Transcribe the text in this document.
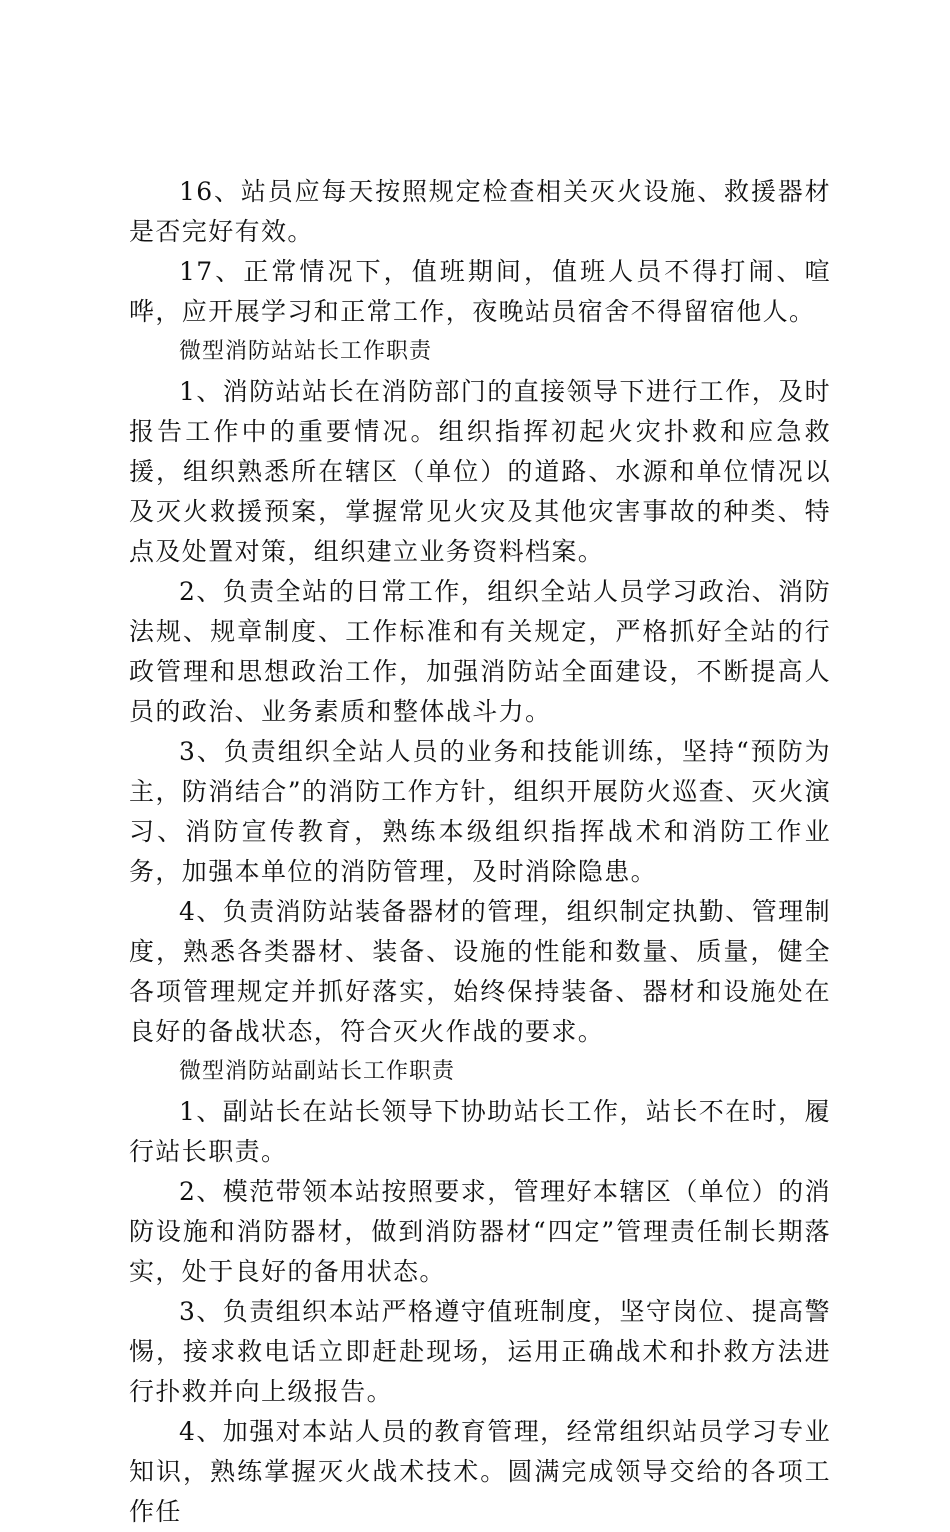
16、站员应每天按照规定检查相关灭火设施、救援器材是否完好有效。

17、正常情况下，值班期间，值班人员不得打闹、喧哗，应开展学习和正常工作，夜晚站员宿舍不得留宿他人。

微型消防站站长工作职责

1、消防站站长在消防部门的直接领导下进行工作，及时报告工作中的重要情况。组织指挥初起火灾扑救和应急救援，组织熟悉所在辖区（单位）的道路、水源和单位情况以及灭火救援预案，掌握常见火灾及其他灾害事故的种类、特点及处置对策，组织建立业务资料档案。

2、负责全站的日常工作，组织全站人员学习政治、消防法规、规章制度、工作标准和有关规定，严格抓好全站的行政管理和思想政治工作，加强消防站全面建设，不断提高人员的政治、业务素质和整体战斗力。

3、负责组织全站人员的业务和技能训练，坚持“预防为主，防消结合”的消防工作方针，组织开展防火巡查、灭火演习、消防宣传教育，熟练本级组织指挥战术和消防工作业务，加强本单位的消防管理，及时消除隐患。

4、负责消防站装备器材的管理，组织制定执勤、管理制度，熟悉各类器材、装备、设施的性能和数量、质量，健全各项管理规定并抓好落实，始终保持装备、器材和设施处在良好的备战状态，符合灭火作战的要求。

微型消防站副站长工作职责

1、副站长在站长领导下协助站长工作，站长不在时，履行站长职责。

2、模范带领本站按照要求，管理好本辖区（单位）的消防设施和消防器材，做到消防器材“四定”管理责任制长期落实，处于良好的备用状态。

3、负责组织本站严格遵守值班制度，坚守岗位、提高警惕，接求救电话立即赶赴现场，运用正确战术和扑救方法进行扑救并向上级报告。

4、加强对本站人员的教育管理，经常组织站员学习专业知识，熟练掌握灭火战术技术。圆满完成领导交给的各项工作任
